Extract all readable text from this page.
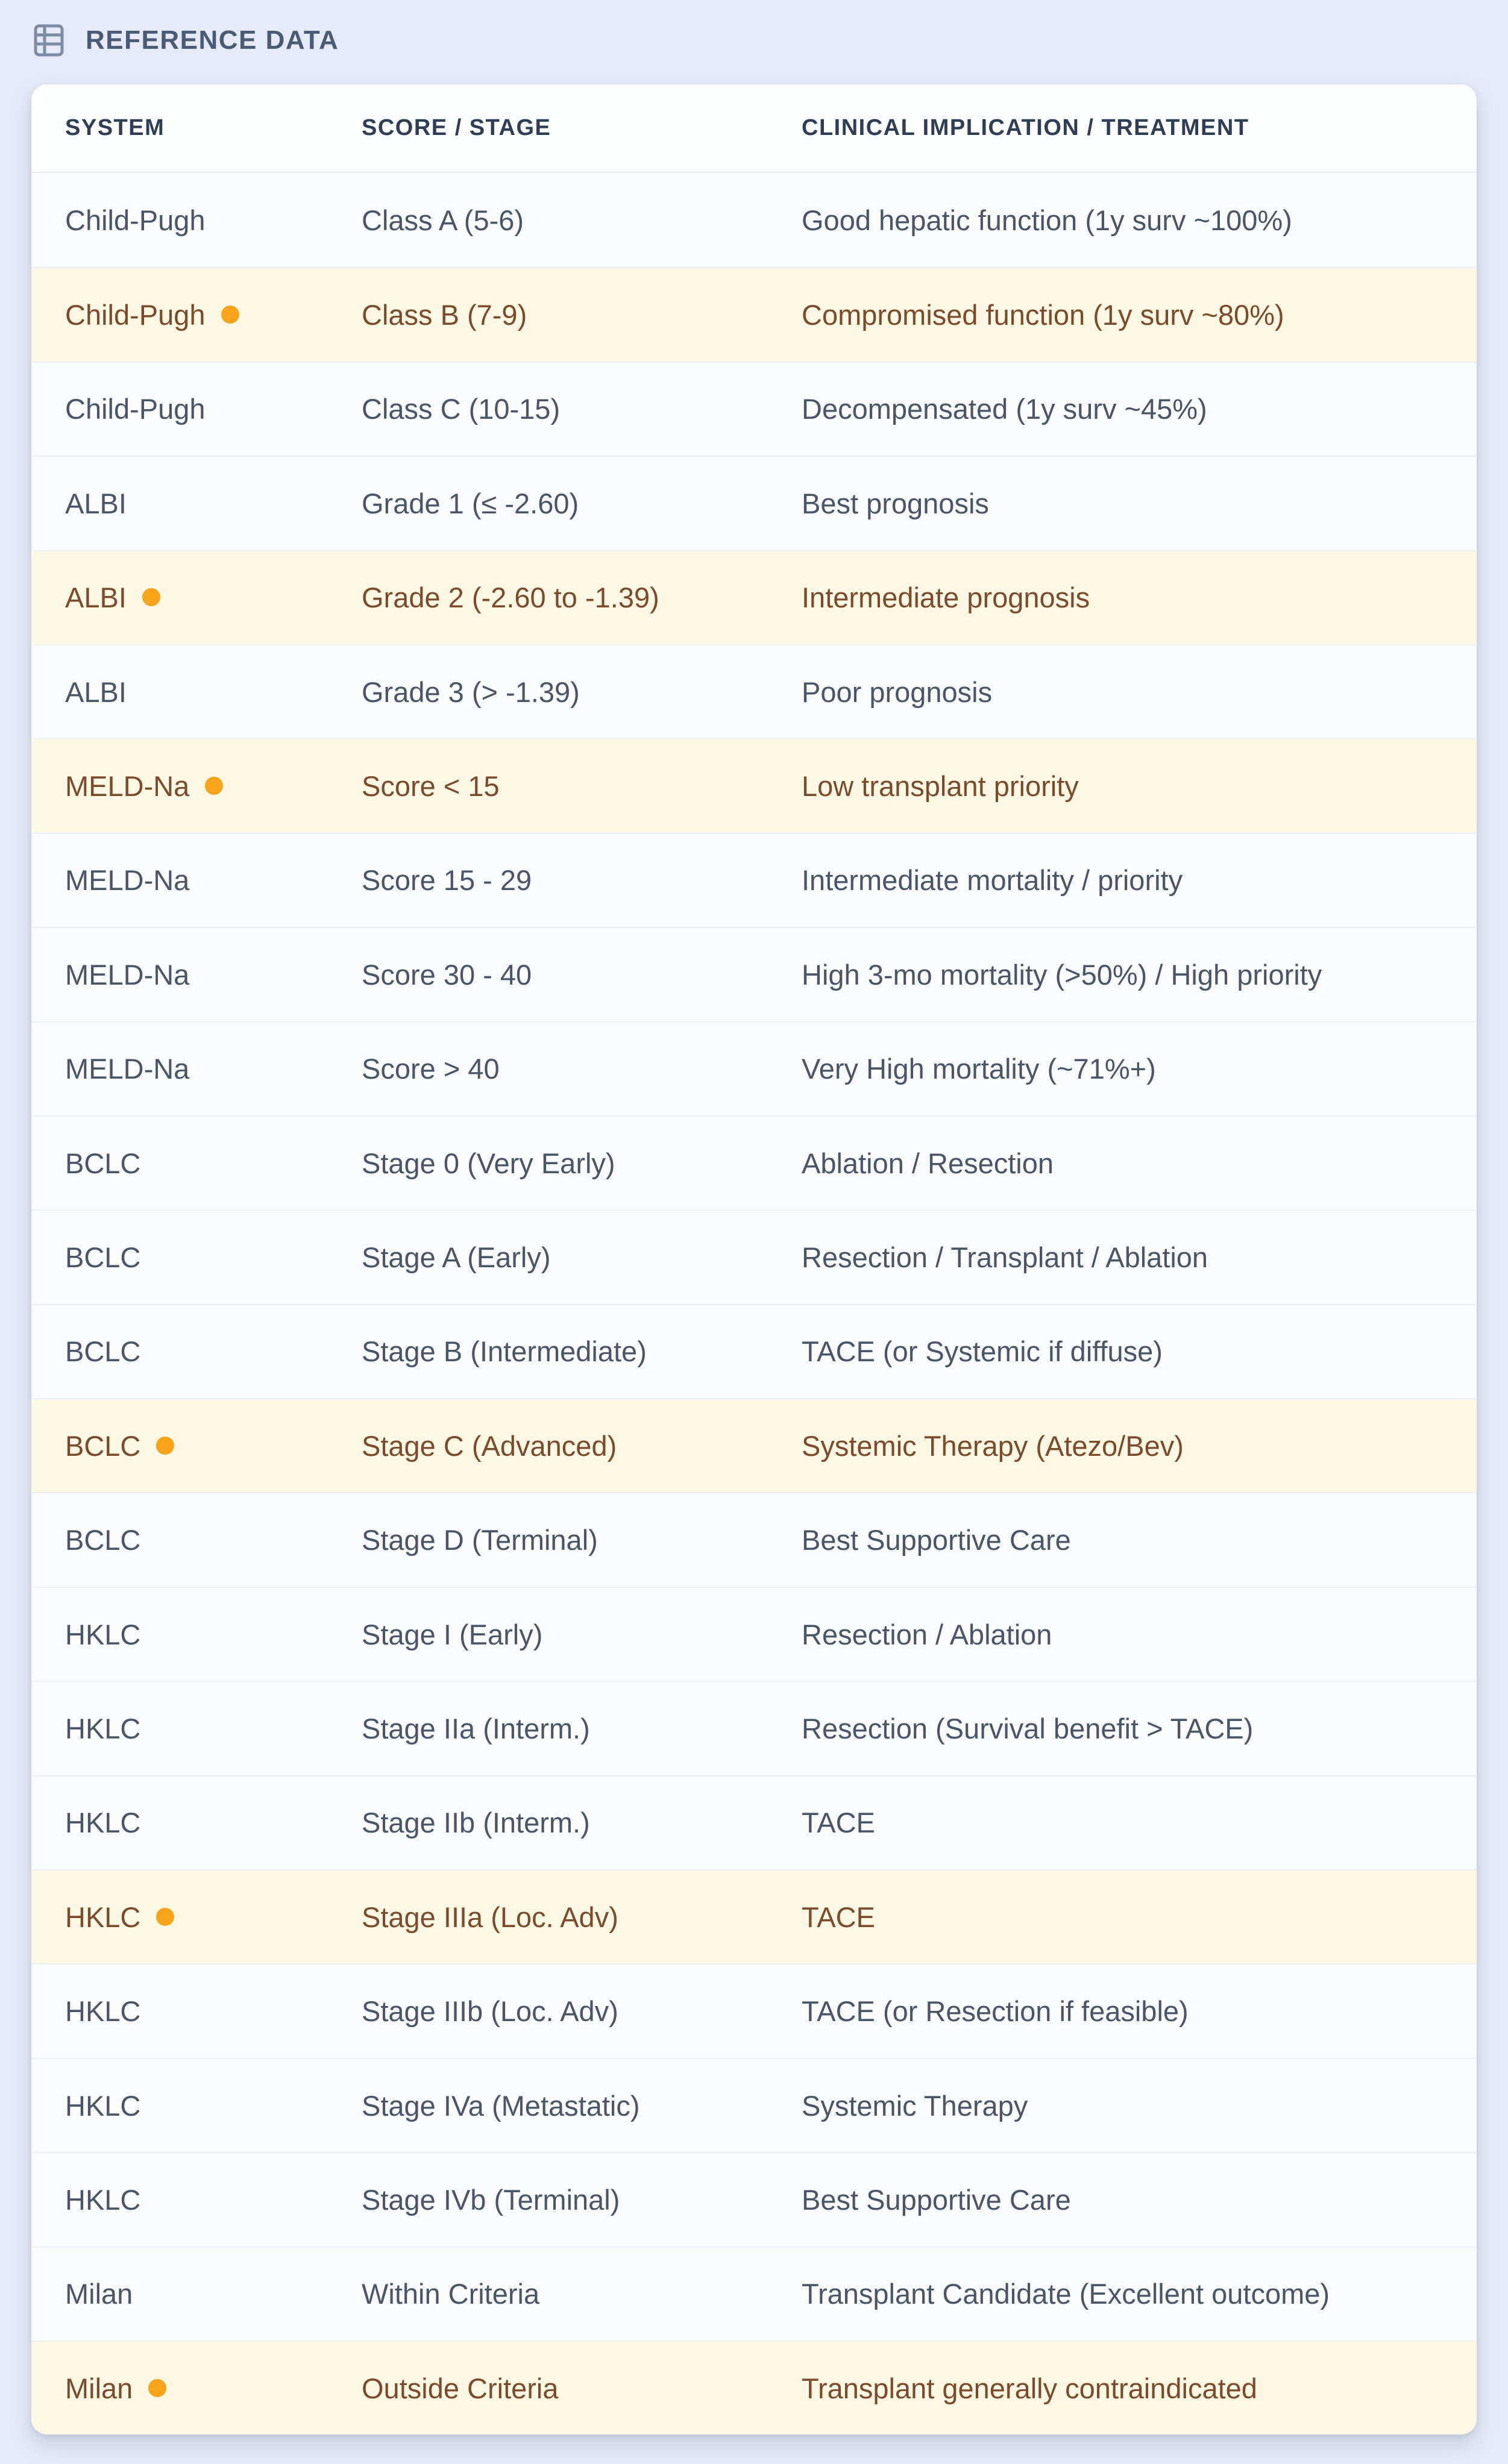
REFERENCE DATA
SYSTEM	SCORE / STAGE	CLINICAL IMPLICATION / TREATMENT
Child-Pugh	Class A (5-6)	Good hepatic function (1y surv ~100%)
Child-Pugh	Class B (7-9)	Compromised function (1y surv ~80%)
Child-Pugh	Class C (10-15)	Decompensated (1y surv ~45%)
ALBI	Grade 1 (≤ -2.60)	Best prognosis
ALBI	Grade 2 (-2.60 to -1.39)	Intermediate prognosis
ALBI	Grade 3 (> -1.39)	Poor prognosis
MELD-Na	Score < 15	Low transplant priority
MELD-Na	Score 15 - 29	Intermediate mortality / priority
MELD-Na	Score 30 - 40	High 3-mo mortality (>50%) / High priority
MELD-Na	Score > 40	Very High mortality (~71%+)
BCLC	Stage 0 (Very Early)	Ablation / Resection
BCLC	Stage A (Early)	Resection / Transplant / Ablation
BCLC	Stage B (Intermediate)	TACE (or Systemic if diffuse)
BCLC	Stage C (Advanced)	Systemic Therapy (Atezo/Bev)
BCLC	Stage D (Terminal)	Best Supportive Care
HKLC	Stage I (Early)	Resection / Ablation
HKLC	Stage IIa (Interm.)	Resection (Survival benefit > TACE)
HKLC	Stage IIb (Interm.)	TACE
HKLC	Stage IIIa (Loc. Adv)	TACE
HKLC	Stage IIIb (Loc. Adv)	TACE (or Resection if feasible)
HKLC	Stage IVa (Metastatic)	Systemic Therapy
HKLC	Stage IVb (Terminal)	Best Supportive Care
Milan	Within Criteria	Transplant Candidate (Excellent outcome)
Milan	Outside Criteria	Transplant generally contraindicated
